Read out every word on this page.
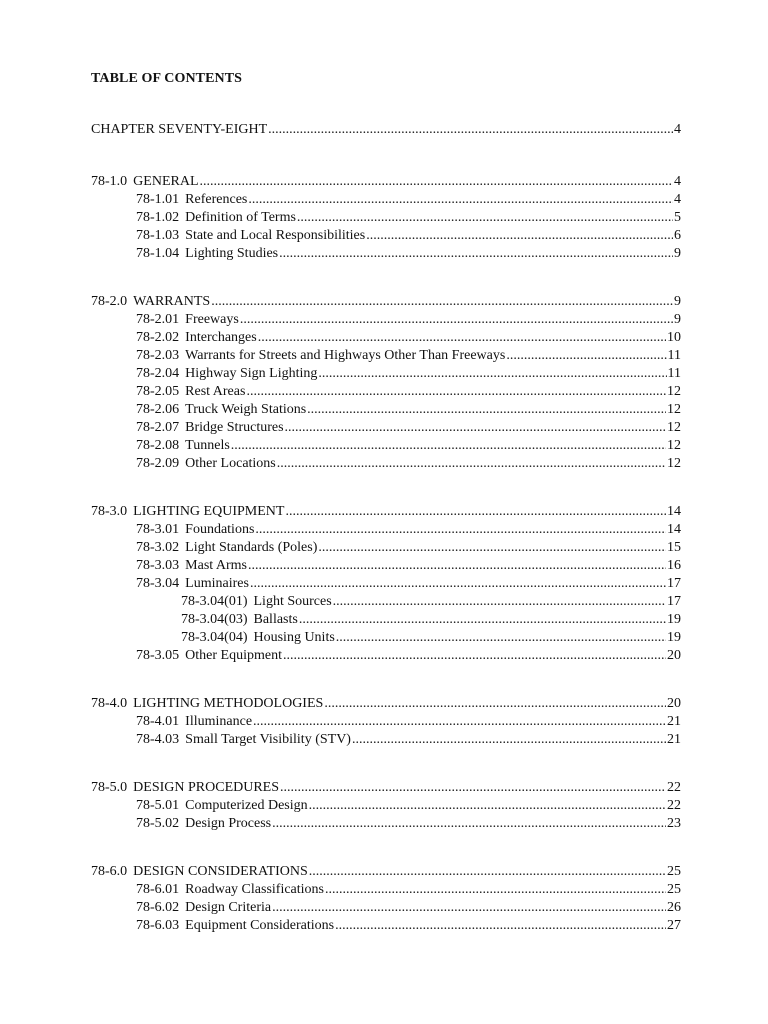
TABLE OF CONTENTS
CHAPTER SEVENTY-EIGHT .....	4
78-1.0 GENERAL .....	4
78-1.01 References .....	4
78-1.02 Definition of Terms .....	5
78-1.03 State and Local Responsibilities .....	6
78-1.04 Lighting Studies .....	9
78-2.0 WARRANTS .....	9
78-2.01 Freeways .....	9
78-2.02 Interchanges .....	10
78-2.03 Warrants for Streets and Highways Other Than Freeways .....	11
78-2.04 Highway Sign Lighting .....	11
78-2.05 Rest Areas .....	12
78-2.06 Truck Weigh Stations .....	12
78-2.07 Bridge Structures .....	12
78-2.08 Tunnels .....	12
78-2.09 Other Locations .....	12
78-3.0 LIGHTING EQUIPMENT .....	14
78-3.01 Foundations .....	14
78-3.02 Light Standards (Poles) .....	15
78-3.03 Mast Arms .....	16
78-3.04 Luminaires .....	17
78-3.04(01) Light Sources .....	17
78-3.04(03) Ballasts .....	19
78-3.04(04) Housing Units .....	19
78-3.05 Other Equipment .....	20
78-4.0 LIGHTING METHODOLOGIES .....	20
78-4.01 Illuminance .....	21
78-4.03 Small Target Visibility (STV) .....	21
78-5.0 DESIGN PROCEDURES .....	22
78-5.01 Computerized Design .....	22
78-5.02 Design Process .....	23
78-6.0 DESIGN CONSIDERATIONS .....	25
78-6.01 Roadway Classifications .....	25
78-6.02 Design Criteria .....	26
78-6.03 Equipment Considerations .....	27
